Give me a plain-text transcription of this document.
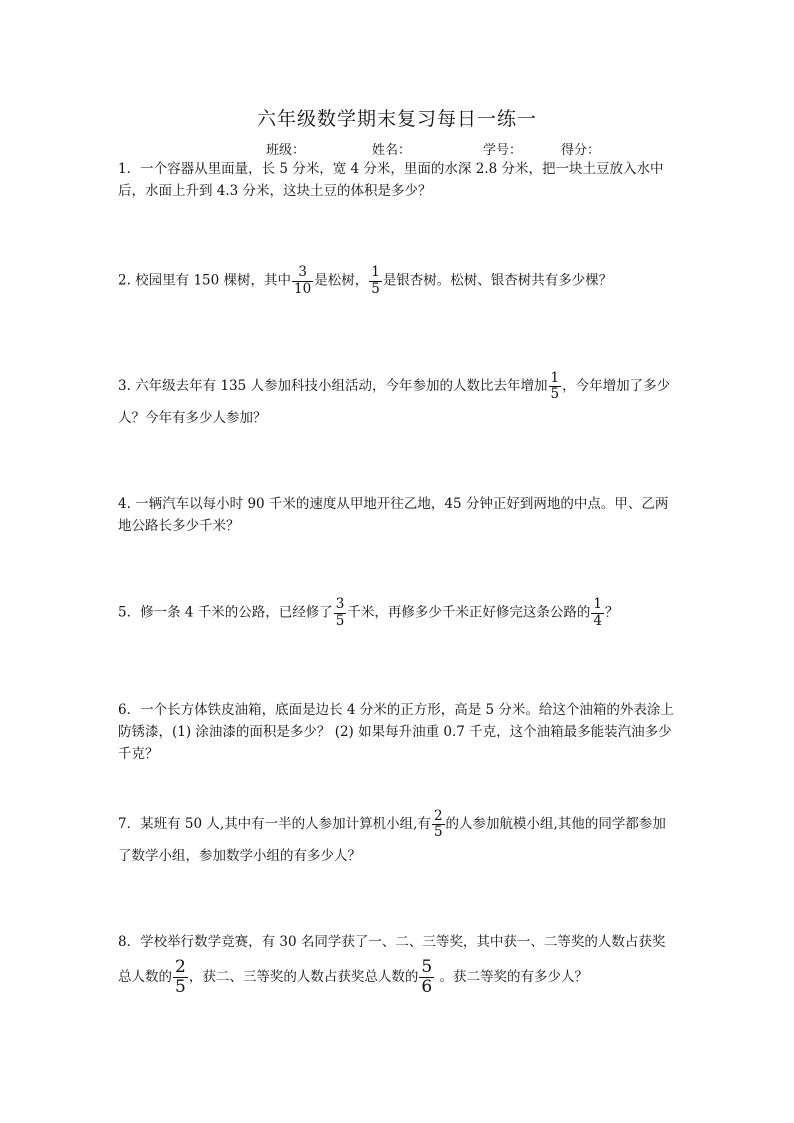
六年级数学期末复习每日一练一
班级：	姓名：	学号：	得分：
1．一个容器从里面量，长 5 分米，宽 4 分米，里面的水深 2.8 分米，把一块土豆放入水中后，水面上升到 4.3 分米，这块土豆的体积是多少？
2. 校园里有 150 棵树，其中 $\frac{3}{10}$ 是松树， $\frac{1}{5}$ 是银杏树。松树、银杏树共有多少棵？
3. 六年级去年有 135 人参加科技小组活动，今年参加的人数比去年增加 $\frac{1}{5}$ ，今年增加了多少人？今年有多少人参加？
4. 一辆汽车以每小时 90 千米的速度从甲地开往乙地，45 分钟正好到两地的中点。甲、乙两地公路长多少千米？
5．修一条 4 千米的公路，已经修了 $\frac{3}{5}$ 千米，再修多少千米正好修完这条公路的 $\frac{1}{4}$ ？
6．一个长方体铁皮油箱，底面是边长 4 分米的正方形，高是 5 分米。给这个油箱的外表涂上防锈漆，(1) 涂油漆的面积是多少？ (2) 如果每升油重 0.7 千克，这个油箱最多能装汽油多少千克？
7．某班有 50 人,其中有一半的人参加计算机小组,有 $\frac{2}{5}$ 的人参加航模小组,其他的同学都参加了数学小组，参加数学小组的有多少人？
8．学校举行数学竞赛，有 30 名同学获了一、二、三等奖，其中获一、二等奖的人数占获奖总人数的 $\frac{2}{5}$ ，获二、三等奖的人数占获奖总人数的 $\frac{5}{6}$ 。获二等奖的有多少人？
